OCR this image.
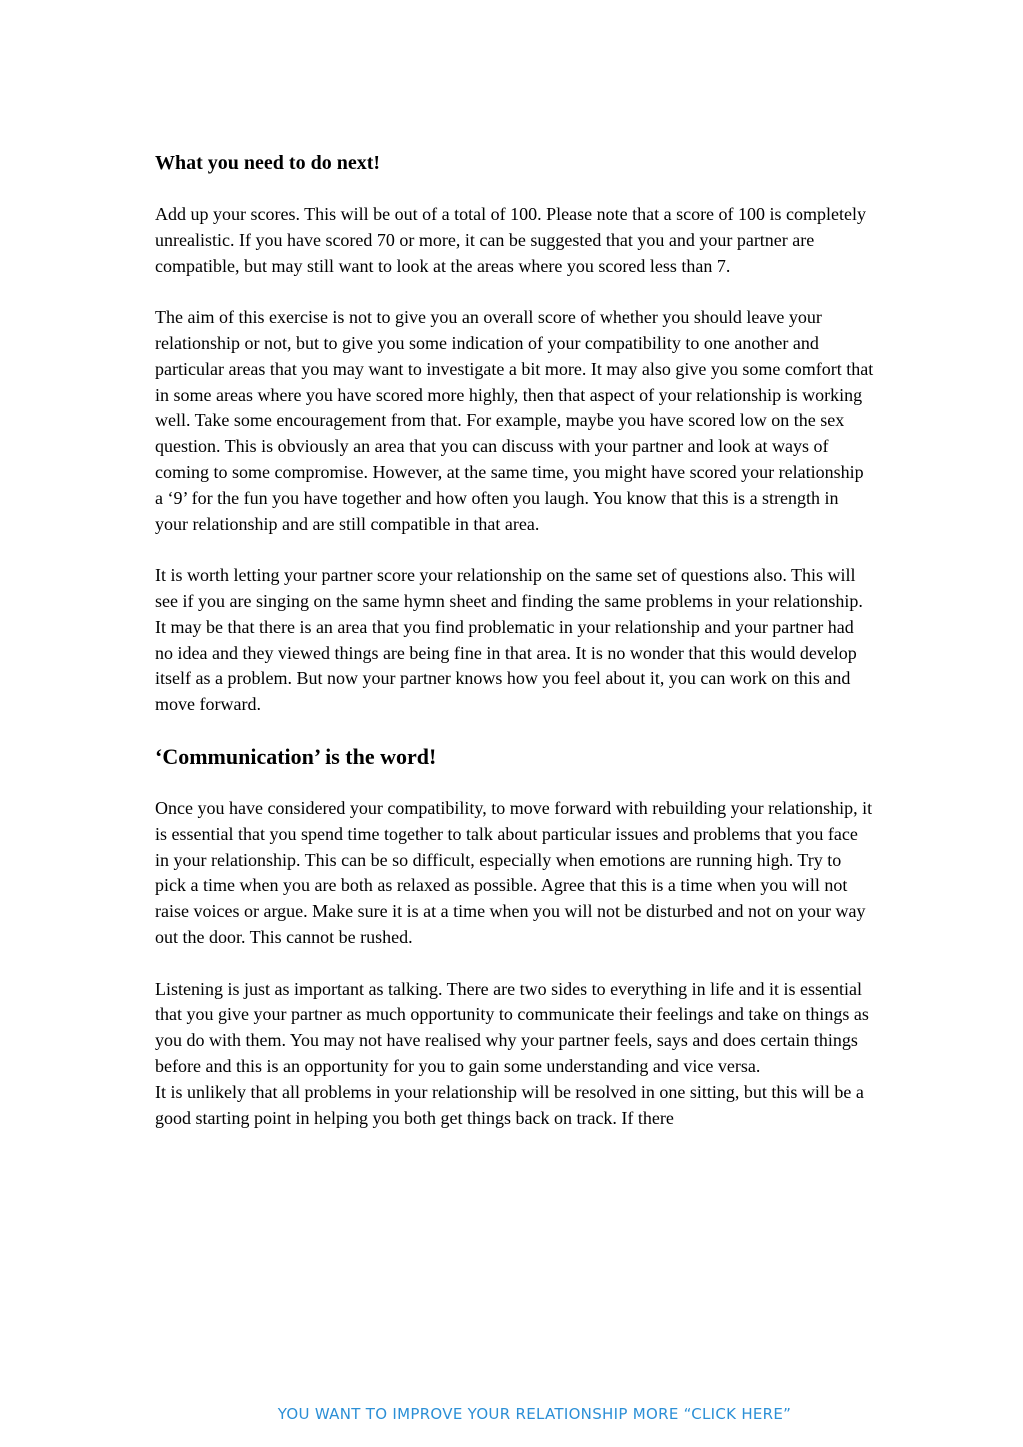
What you need to do next!

Add up your scores. This will be out of a total of 100. Please note that a score of 100 is completely unrealistic. If you have scored 70 or more, it can be suggested that you and your partner are compatible, but may still want to look at the areas where you scored less than 7.

The aim of this exercise is not to give you an overall score of whether you should leave your relationship or not, but to give you some indication of your compatibility to one another and particular areas that you may want to investigate a bit more. It may also give you some comfort that in some areas where you have scored more highly, then that aspect of your relationship is working well. Take some encouragement from that. For example, maybe you have scored low on the sex question. This is obviously an area that you can discuss with your partner and look at ways of coming to some compromise. However, at the same time, you might have scored your relationship a ‘9’ for the fun you have together and how often you laugh. You know that this is a strength in your relationship and are still compatible in that area.

It is worth letting your partner score your relationship on the same set of questions also. This will see if you are singing on the same hymn sheet and finding the same problems in your relationship. It may be that there is an area that you find problematic in your relationship and your partner had no idea and they viewed things are being fine in that area. It is no wonder that this would develop itself as a problem. But now your partner knows how you feel about it, you can work on this and move forward.

‘Communication’ is the word!

Once you have considered your compatibility, to move forward with rebuilding your relationship, it is essential that you spend time together to talk about particular issues and problems that you face in your relationship. This can be so difficult, especially when emotions are running high. Try to pick a time when you are both as relaxed as possible. Agree that this is a time when you will not raise voices or argue. Make sure it is at a time when you will not be disturbed and not on your way out the door. This cannot be rushed.

Listening is just as important as talking. There are two sides to everything in life and it is essential that you give your partner as much opportunity to communicate their feelings and take on things as you do with them. You may not have realised why your partner feels, says and does certain things before and this is an opportunity for you to gain some understanding and vice versa.

It is unlikely that all problems in your relationship will be resolved in one sitting, but this will be a good starting point in helping you both get things back on track. If there

YOU WANT TO IMPROVE YOUR RELATIONSHIP MORE “CLICK HERE”
